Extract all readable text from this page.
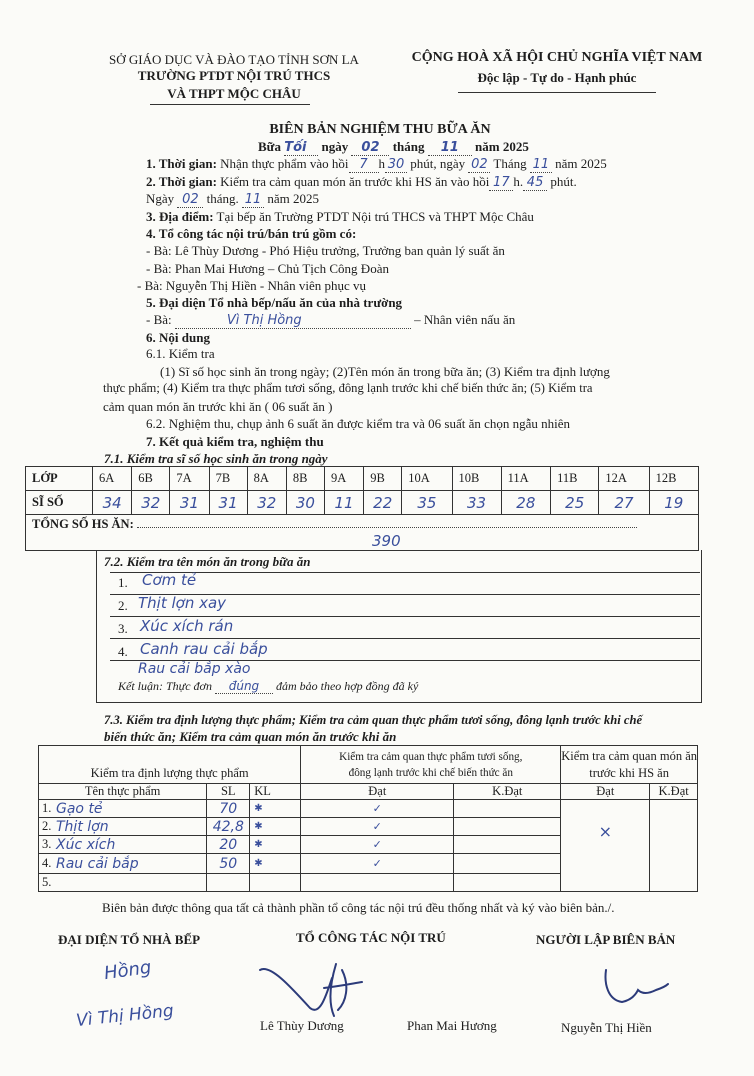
SỞ GIÁO DỤC VÀ ĐÀO TẠO TỈNH SƠN LA
TRƯỜNG PTDT NỘI TRÚ THCS
VÀ THPT MỘC CHÂU
CỘNG HOÀ XÃ HỘI CHỦ NGHĨA VIỆT NAM
Độc lập - Tự do - Hạnh phúc
BIÊN BẢN NGHIỆM THU BỮA ĂN
Bữa Tối ngày 02 tháng 11 năm 2025
1. Thời gian: Nhận thực phẩm vào hồi 7 h 30 phút, ngày 02 Tháng 11 năm 2025
2. Thời gian: Kiểm tra cảm quan món ăn trước khi HS ăn vào hồi 17 h. 45 phút.
Ngày 02 tháng. 11 năm 2025
3. Địa điểm: Tại bếp ăn Trường PTDT Nội trú THCS và THPT Mộc Châu
4. Tổ công tác nội trú/bán trú gồm có:
- Bà: Lê Thùy Dương - Phó Hiệu trưởng, Trưởng ban quản lý suất ăn
- Bà: Phan Mai Hương – Chủ Tịch Công Đoàn
- Bà: Nguyễn Thị Hiền - Nhân viên phục vụ
5. Đại diện Tổ nhà bếp/nấu ăn của nhà trường
- Bà:	Vì Thị Hồng	– Nhân viên nấu ăn
6. Nội dung
6.1. Kiểm tra
(1) Sĩ số học sinh ăn trong ngày; (2)Tên món ăn trong bữa ăn; (3) Kiểm tra định lượng
thực phẩm; (4) Kiểm tra thực phẩm tươi sống, đông lạnh trước khi chế biến thức ăn; (5) Kiểm tra
cảm quan món ăn trước khi ăn ( 06 suất ăn )
6.2. Nghiệm thu, chụp ảnh 6 suất ăn được kiểm tra và 06 suất ăn chọn ngẫu nhiên
7. Kết quả kiểm tra, nghiệm thu
7.1. Kiểm tra sĩ số học sinh ăn trong ngày
LỚP	6A	6B	7A	7B	8A	8B	9A	9B	10A	10B	11A	11B	12A	12B
SĨ SỐ	34	32	31	31	32	30	11	22	35	33	28	25	27	19
TỔNG SỐ HS ĂN:
390														
7.2. Kiểm tra tên món ăn trong bữa ăn
1. Cơm tẻ
2. Thịt lợn xay
3. Xúc xích rán
4. Canh rau cải bắp
Rau cải bắp xào
Kết luận: Thực đơn đúng đảm bảo theo hợp đồng đã ký
7.3. Kiểm tra định lượng thực phẩm; Kiểm tra cảm quan thực phẩm tươi sống, đông lạnh trước khi chế
biến thức ăn; Kiểm tra cảm quan món ăn trước khi ăn
Kiểm tra định lượng thực phẩm				Kiểm tra cảm quan thực phẩm tươi sống,
đông lạnh trước khi chế biến thức ăn		Kiểm tra cảm quan món ăn
trước khi HS ăn	
Tên thực phẩm		SL	KL	Đạt	K.Đạt	Đạt	K.Đạt
1.	Gạo tẻ	70	✱	✓		×	
2.	Thịt lợn	42,8	✱	✓			
3.	Xúc xích	20	✱	✓			
4.	Rau cải bắp	50	✱	✓			
5.							
Biên bản được thông qua tất cả thành phần tổ công tác nội trú đều thống nhất và ký vào biên bản./.
ĐẠI DIỆN TỔ NHÀ BẾP	TỔ CÔNG TÁC NỘI TRÚ	NGƯỜI LẬP BIÊN BẢN
Hồng
Vì Thị Hồng	Lê Thùy Dương	Phan Mai Hương	Nguyễn Thị Hiền
